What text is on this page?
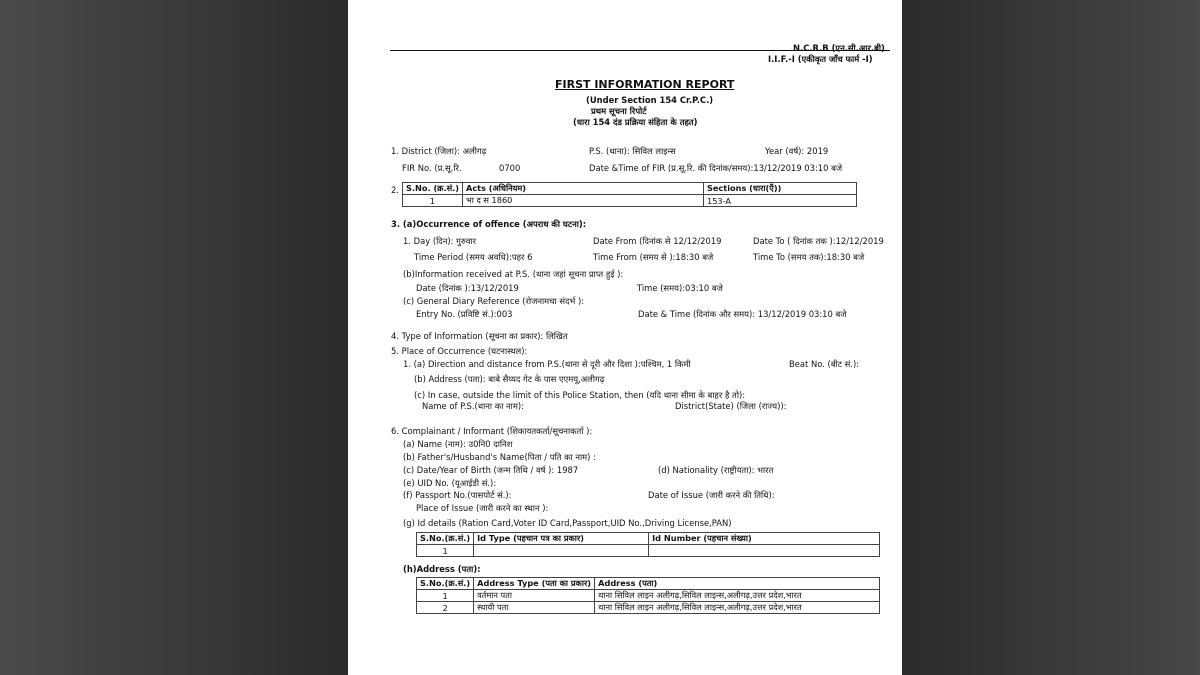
N.C.R.B (एन.सी.आर.बी)
I.I.F.-I (एकीकृत जाँच फार्म -I)
FIRST INFORMATION REPORT
(Under Section 154 Cr.P.C.)
प्रथम सूचना रिपोर्ट
(धारा 154 दंड प्रक्रिया संहिता के तहत)
1. District (जिला): अलीगढ़	P.S. (थाना): सिविल लाइन्स	Year (वर्ष): 2019
FIR No. (प्र.सू.रि.	0700	Date &Time of FIR (प्र.सू.रि. की दिनांक/समय):13/12/2019 03:10 बजे
2. S.No. (क्र.सं.)	Acts (अधिनियम)	Sections (धारा(एँ))
1	भा द स 1860	153-A
3. (a)Occurrence of offence (अपराध की घटना):
1. Day (दिन): गुरुवार	Date From (दिनांक से 12/12/2019	Date To ( दिनांक तक ):12/12/2019
Time Period (समय अवधि):पहर 6	Time From (समय से ):18:30 बजे	Time To (समय तक):18:30 बजे
(b)Information received at P.S. (थाना जहां सूचना प्राप्त हुई ):
Date (दिनांक ):13/12/2019	Time (समय):03:10 बजे
(c) General Diary Reference (रोजनामचा संदर्भ ):
Entry No. (प्रविष्टि सं.):003	Date & Time (दिनांक और समय): 13/12/2019 03:10 बजे
4. Type of Information (सूचना का प्रकार): लिखित
5. Place of Occurrence (घटनास्थल):
1. (a) Direction and distance from P.S.(थाना से दूरी और दिशा ):पश्चिम, 1 किमी	Beat No. (बीट सं.):
(b) Address (पता): बाबे सैय्यद गेट के पास एएमयू,अलीगढ़
(c) In case, outside the limit of this Police Station, then (यदि थाना सीमा के बाहर है तो):
Name of P.S.(थाना का नाम):	District(State) (जिला (राज्य)):
6. Complainant / Informant (शिकायतकर्ता/सूचनाकर्ता ):
(a) Name (नाम): उ0नि0 दानिश
(b) Father's/Husband's Name(पिता / पति का नाम) :
(c) Date/Year of Birth (जन्म तिथि / वर्ष ): 1987	(d) Nationality (राष्ट्रीयता): भारत
(e) UID No. (यूआईडी सं.):
(f) Passport No.(पासपोर्ट सं.):	Date of Issue (जारी करने की तिथि):
Place of Issue (जारी करने का स्थान ):
(g) Id details (Ration Card,Voter ID Card,Passport,UID No.,Driving License,PAN)
S.No.(क्र.सं.)	Id Type (पहचान पत्र का प्रकार)	Id Number (पहचान संख्या)
1		
(h)Address (पता):
S.No.(क्र.सं.)	Address Type (पता का प्रकार)	Address (पता)
1	वर्तमान पता	थाना सिविल लाइन अलीगढ़,सिविल लाइन्स,अलीगढ़,उत्तर प्रदेश,भारत
2	स्थायी पता	थाना सिविल लाइन अलीगढ़,सिविल लाइन्स,अलीगढ़,उत्तर प्रदेश,भारत
